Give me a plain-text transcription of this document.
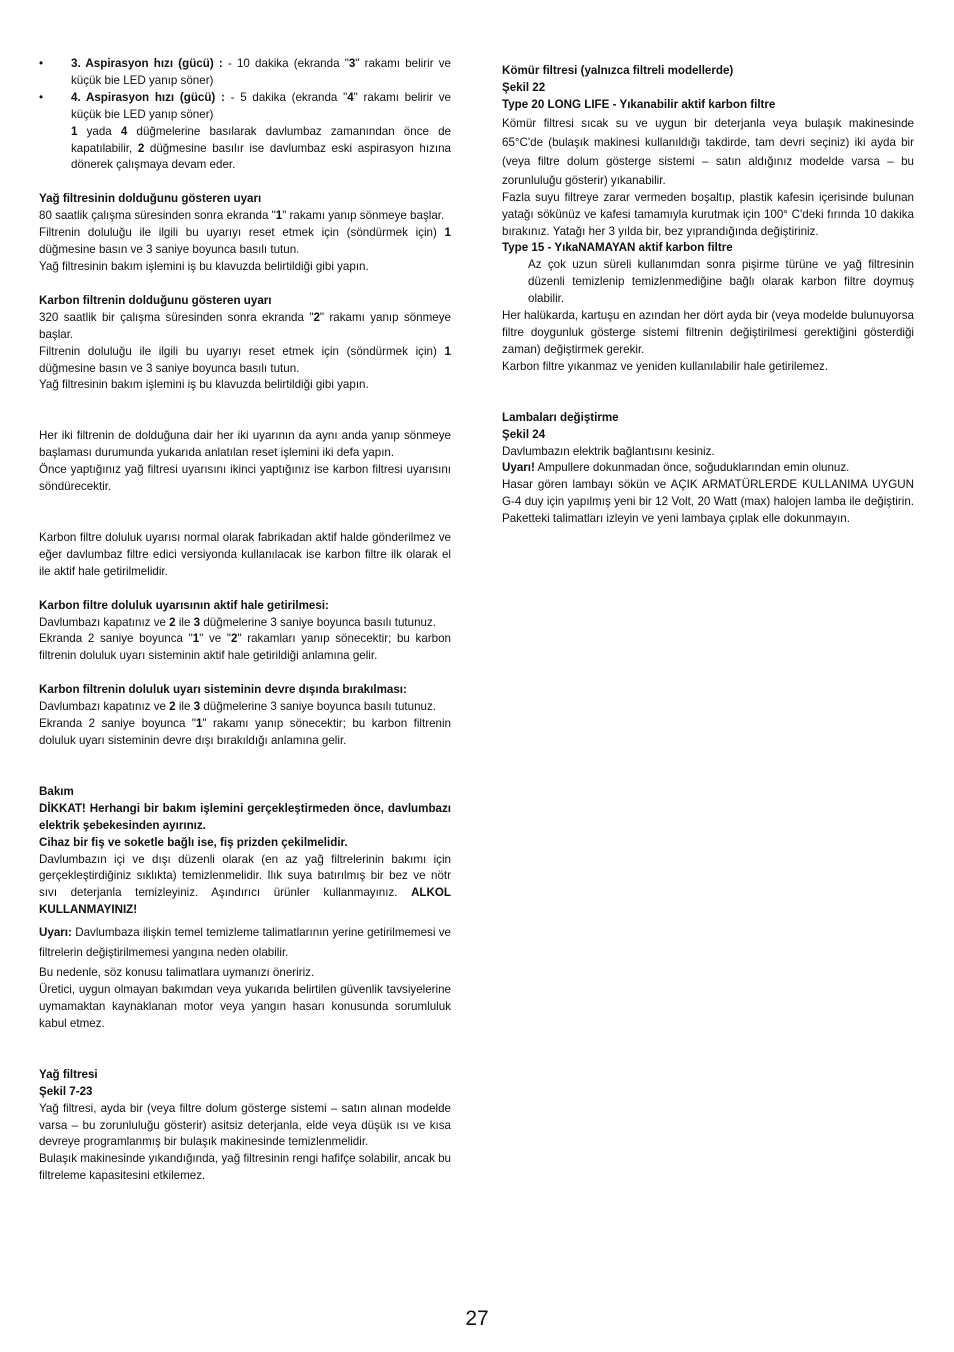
• 3. Aspirasyon hızı (gücü) : - 10 dakika (ekranda "3" rakamı belirir ve küçük bie LED yanıp söner)
• 4. Aspirasyon hızı (gücü) : - 5 dakika (ekranda "4" rakamı belirir ve küçük bie LED yanıp söner)

1 yada 4 düğmelerine basılarak davlumbaz zamanından önce de kapatılabilir, 2 düğmesine basılır ise davlumbaz eski aspirasyon hızına dönerek çalışmaya devam eder.

Yağ filtresinin dolduğunu gösteren uyarı

80 saatlik çalışma süresinden sonra ekranda "1" rakamı yanıp sönmeye başlar.

Filtrenin doluluğu ile ilgili bu uyarıyı reset etmek için (söndürmek için) 1 düğmesine basın ve 3 saniye boyunca basılı tutun.

Yağ filtresinin bakım işlemini iş bu klavuzda belirtildiği gibi yapın.

Karbon filtrenin dolduğunu gösteren uyarı

320 saatlik bir çalışma süresinden sonra ekranda "2" rakamı yanıp sönmeye başlar.

Filtrenin doluluğu ile ilgili bu uyarıyı reset etmek için (söndürmek için) 1 düğmesine basın ve 3 saniye boyunca basılı tutun.

Yağ filtresinin bakım işlemini iş bu klavuzda belirtildiği gibi yapın.

Her iki filtrenin de dolduğuna dair her iki uyarının da aynı anda yanıp sönmeye başlaması durumunda yukarıda anlatılan reset işlemini iki defa yapın.

Önce yaptığınız yağ filtresi uyarısını ikinci yaptığınız ise karbon filtresi uyarısını söndürecektir.

Karbon filtre doluluk uyarısı normal olarak fabrikadan aktif halde gönderilmez ve eğer davlumbaz filtre edici versiyonda kullanılacak ise karbon filtre ilk olarak el ile aktif hale getirilmelidir.

Karbon filtre doluluk uyarısının aktif hale getirilmesi:

Davlumbazı kapatınız ve 2 ile 3 düğmelerine 3 saniye boyunca basılı tutunuz.

Ekranda 2 saniye boyunca "1" ve "2" rakamları yanıp sönecektir; bu karbon filtrenin doluluk uyarı sisteminin aktif hale getirildiği anlamına gelir.

Karbon filtrenin doluluk uyarı sisteminin devre dışında bırakılması:

Davlumbazı kapatınız ve 2 ile 3 düğmelerine 3 saniye boyunca basılı tutunuz.

Ekranda 2 saniye boyunca "1" rakamı yanıp sönecektir; bu karbon filtrenin doluluk uyarı sisteminin devre dışı bırakıldığı anlamına gelir.

Bakım

DİKKAT! Herhangi bir bakım işlemini gerçekleştirmeden önce, davlumbazı elektrik şebekesinden ayırınız.

Cihaz bir fiş ve soketle bağlı ise, fiş prizden çekilmelidir.

Davlumbazın içi ve dışı düzenli olarak (en az yağ filtrelerinin bakımı için gerçekleştirdiğiniz sıklıkta) temizlenmelidir. Ilık suya batırılmış bir bez ve nötr sıvı deterjanla temizleyiniz. Aşındırıcı ürünler kullanmayınız. ALKOL KULLANMAYINIZ!

Uyarı: Davlumbaza ilişkin temel temizleme talimatlarının yerine getirilmemesi ve filtrelerin değiştirilmemesi yangına neden olabilir.

Bu nedenle, söz konusu talimatlara uymanızı öneririz.

Üretici, uygun olmayan bakımdan veya yukarıda belirtilen güvenlik tavsiyelerine uymamaktan kaynaklanan motor veya yangın hasarı konusunda sorumluluk kabul etmez.

Yağ filtresi

Şekil 7-23

Yağ filtresi, ayda bir (veya filtre dolum gösterge sistemi – satın alınan modelde varsa – bu zorunluluğu gösterir) asitsiz deterjanla, elde veya düşük ısı ve kısa devreye programlanmış bir bulaşık makinesinde temizlenmelidir.

Bulaşık makinesinde yıkandığında, yağ filtresinin rengi hafifçe solabilir, ancak bu filtreleme kapasitesini etkilemez.

Kömür filtresi (yalnızca filtreli modellerde)

Şekil 22

Type 20 LONG LIFE - Yıkanabilir aktif karbon filtre

Kömür filtresi sıcak su ve uygun bir deterjanla veya bulaşık makinesinde 65°C'de (bulaşık makinesi kullanıldığı takdirde, tam devri seçiniz) iki ayda bir (veya filtre dolum gösterge sistemi – satın aldığınız modelde varsa – bu zorunluluğu gösterir) yıkanabilir.

Fazla suyu filtreye zarar vermeden boşaltıp, plastik kafesin içerisinde bulunan yatağı sökünüz ve kafesi tamamıyla kurutmak için 100° C'deki fırında 10 dakika bırakınız. Yatağı her 3 yılda bir, bez yıprandığında değiştiriniz.

Type 15 - YıkaNAMAYAN aktif karbon filtre

Az çok uzun süreli kullanımdan sonra pişirme türüne ve yağ filtresinin düzenli temizlenip temizlenmediğine bağlı olarak karbon filtre doymuş olabilir.

Her halükarda, kartuşu en azından her dört ayda bir (veya modelde bulunuyorsa filtre doygunluk gösterge sistemi filtrenin değiştirilmesi gerektiğini gösterdiği zaman) değiştirmek gerekir.

Karbon filtre yıkanmaz ve yeniden kullanılabilir hale getirilemez.

Lambaları değiştirme

Şekil 24

Davlumbazın elektrik bağlantısını kesiniz.

Uyarı! Ampullere dokunmadan önce, soğuduklarından emin olunuz.

Hasar gören lambayı sökün ve AÇIK ARMATÜRLERDE KULLANIMA UYGUN G-4 duy için yapılmış yeni bir 12 Volt, 20 Watt (max) halojen lamba ile değiştirin. Paketteki talimatları izleyin ve yeni lambaya çıplak elle dokunmayın.

27
